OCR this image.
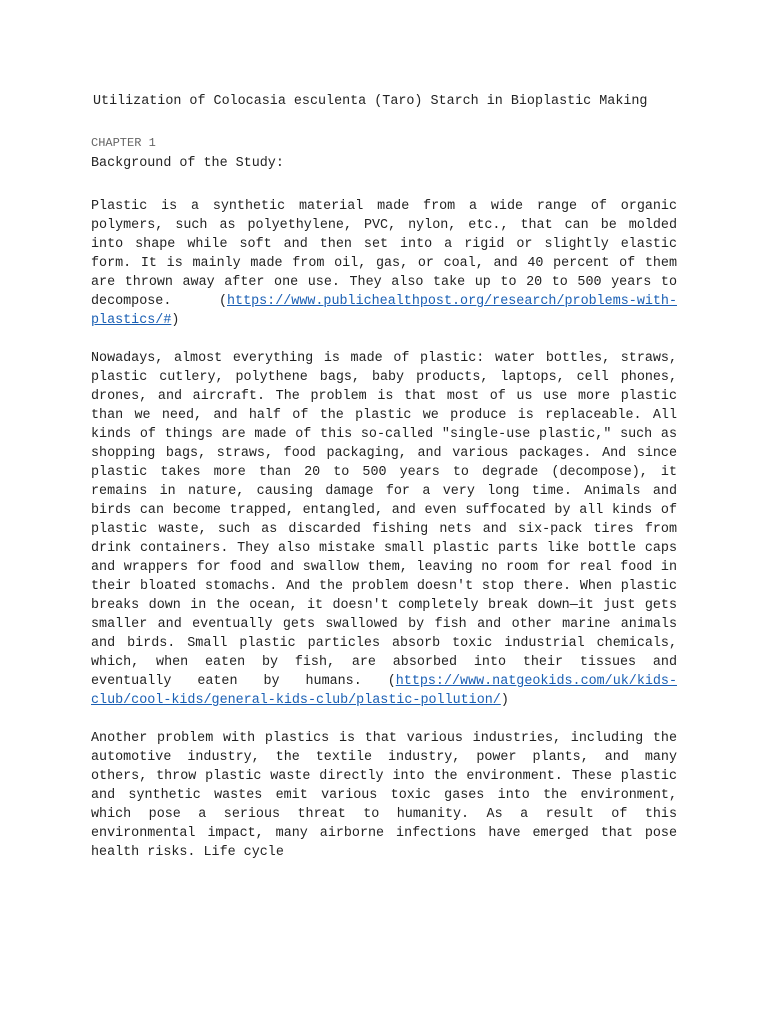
Utilization of Colocasia esculenta (Taro) Starch in Bioplastic Making
CHAPTER 1
Background of the Study:

Plastic is a synthetic material made from a wide range of organic polymers, such as polyethylene, PVC, nylon, etc., that can be molded into shape while soft and then set into a rigid or slightly elastic form. It is mainly made from oil, gas, or coal, and 40 percent of them are thrown away after one use. They also take up to 20 to 500 years to decompose. (https://www.publichealthpost.org/research/problems-with-plastics/#)

Nowadays, almost everything is made of plastic: water bottles, straws, plastic cutlery, polythene bags, baby products, laptops, cell phones, drones, and aircraft. The problem is that most of us use more plastic than we need, and half of the plastic we produce is replaceable. All kinds of things are made of this so-called "single-use plastic," such as shopping bags, straws, food packaging, and various packages. And since plastic takes more than 20 to 500 years to degrade (decompose), it remains in nature, causing damage for a very long time. Animals and birds can become trapped, entangled, and even suffocated by all kinds of plastic waste, such as discarded fishing nets and six-pack tires from drink containers. They also mistake small plastic parts like bottle caps and wrappers for food and swallow them, leaving no room for real food in their bloated stomachs. And the problem doesn't stop there. When plastic breaks down in the ocean, it doesn't completely break down—it just gets smaller and eventually gets swallowed by fish and other marine animals and birds. Small plastic particles absorb toxic industrial chemicals, which, when eaten by fish, are absorbed into their tissues and eventually eaten by humans. (https://www.natgeokids.com/uk/kids-club/cool-kids/general-kids-club/plastic-pollution/)

Another problem with plastics is that various industries, including the automotive industry, the textile industry, power plants, and many others, throw plastic waste directly into the environment. These plastic and synthetic wastes emit various toxic gases into the environment, which pose a serious threat to humanity. As a result of this environmental impact, many airborne infections have emerged that pose health risks. Life cycle
